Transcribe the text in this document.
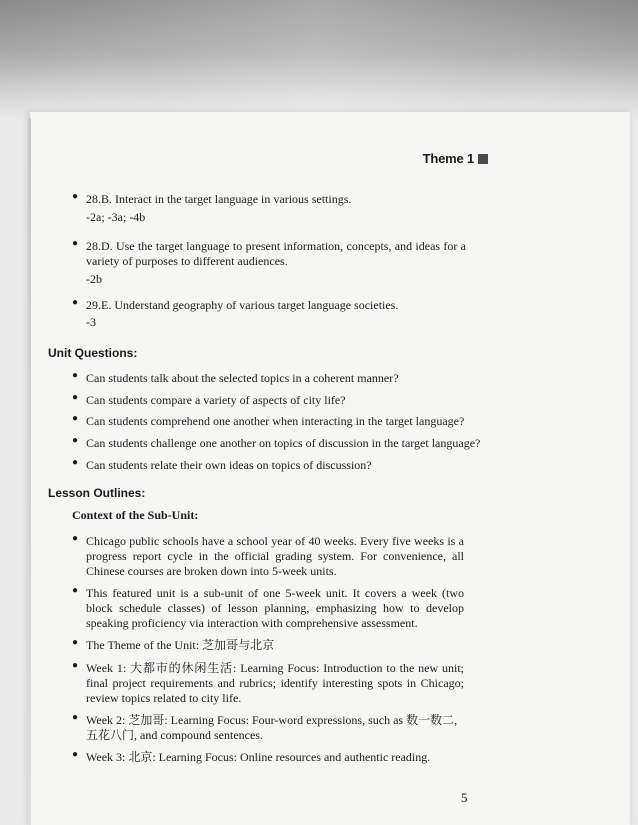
Theme 1
● 28.B. Interact in the target language in various settings.
-2a; -3a; -4b
● 28.D. Use the target language to present information, concepts, and ideas for a variety of purposes to different audiences.
-2b
● 29.E. Understand geography of various target language societies.
-3
Unit Questions:
● Can students talk about the selected topics in a coherent manner?
● Can students compare a variety of aspects of city life?
● Can students comprehend one another when interacting in the target language?
● Can students challenge one another on topics of discussion in the target language?
● Can students relate their own ideas on topics of discussion?
Lesson Outlines:
Context of the Sub-Unit:
● Chicago public schools have a school year of 40 weeks. Every five weeks is a progress report cycle in the official grading system. For convenience, all Chinese courses are broken down into 5-week units.
● This featured unit is a sub-unit of one 5-week unit. It covers a week (two block schedule classes) of lesson planning, emphasizing how to develop speaking proficiency via interaction with comprehensive assessment.
● The Theme of the Unit: 芝加哥与北京
● Week 1: 大都市的休闲生活: Learning Focus: Introduction to the new unit; final project requirements and rubrics; identify interesting spots in Chicago; review topics related to city life.
● Week 2: 芝加哥: Learning Focus: Four-word expressions, such as 数一数二, 五花八门, and compound sentences.
● Week 3: 北京: Learning Focus: Online resources and authentic reading.
5
